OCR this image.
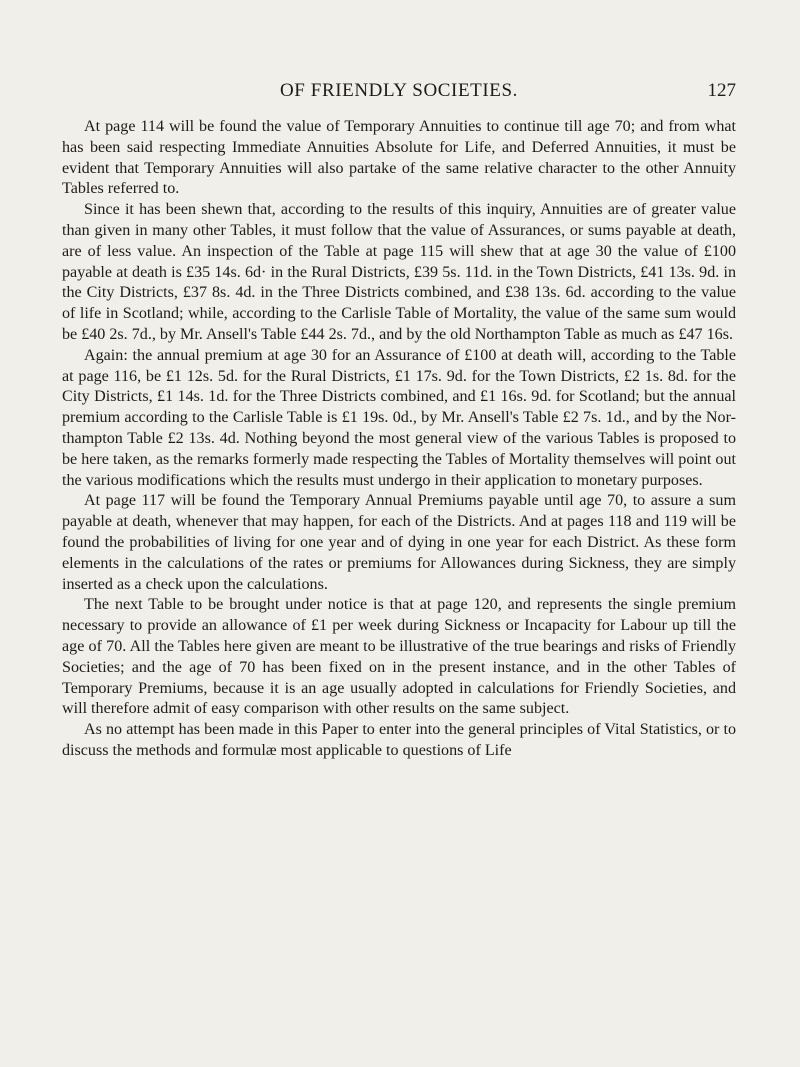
OF FRIENDLY SOCIETIES.	127

At page 114 will be found the value of Temporary Annuities to continue till age 70; and from what has been said respecting Immediate Annuities Absolute for Life, and Deferred Annuities, it must be evident that Temporary Annuities will also partake of the same relative character to the other Annuity Tables referred to.

Since it has been shewn that, according to the results of this inquiry, Annuities are of greater value than given in many other Tables, it must follow that the value of Assurances, or sums payable at death, are of less value. An inspection of the Table at page 115 will shew that at age 30 the value of £100 payable at death is £35 14s. 6d· in the Rural Districts, £39 5s. 11d. in the Town Districts, £41 13s. 9d. in the City Districts, £37 8s. 4d. in the Three Districts combined, and £38 13s. 6d. according to the value of life in Scotland; while, according to the Carlisle Table of Mortality, the value of the same sum would be £40 2s. 7d., by Mr. Ansell's Table £44 2s. 7d., and by the old Northampton Table as much as £47 16s.

Again: the annual premium at age 30 for an Assurance of £100 at death will, according to the Table at page 116, be £1 12s. 5d. for the Rural Districts, £1 17s. 9d. for the Town Districts, £2 1s. 8d. for the City Districts, £1 14s. 1d. for the Three Districts combined, and £1 16s. 9d. for Scotland; but the annual premium according to the Carlisle Table is £1 19s. 0d., by Mr. Ansell's Table £2 7s. 1d., and by the Nor-thampton Table £2 13s. 4d. Nothing beyond the most general view of the various Tables is proposed to be here taken, as the remarks formerly made respecting the Tables of Mortality themselves will point out the various modifications which the results must undergo in their application to monetary purposes.

At page 117 will be found the Temporary Annual Premiums payable until age 70, to assure a sum payable at death, whenever that may happen, for each of the Districts. And at pages 118 and 119 will be found the probabilities of living for one year and of dying in one year for each District. As these form elements in the calculations of the rates or premiums for Allowances during Sickness, they are simply inserted as a check upon the calculations.

The next Table to be brought under notice is that at page 120, and represents the single premium necessary to provide an allowance of £1 per week during Sickness or Incapacity for Labour up till the age of 70. All the Tables here given are meant to be illustrative of the true bearings and risks of Friendly Societies; and the age of 70 has been fixed on in the present instance, and in the other Tables of Temporary Premiums, because it is an age usually adopted in calculations for Friendly Societies, and will therefore admit of easy comparison with other results on the same subject.

As no attempt has been made in this Paper to enter into the general principles of Vital Statistics, or to discuss the methods and formulæ most applicable to questions of Life
